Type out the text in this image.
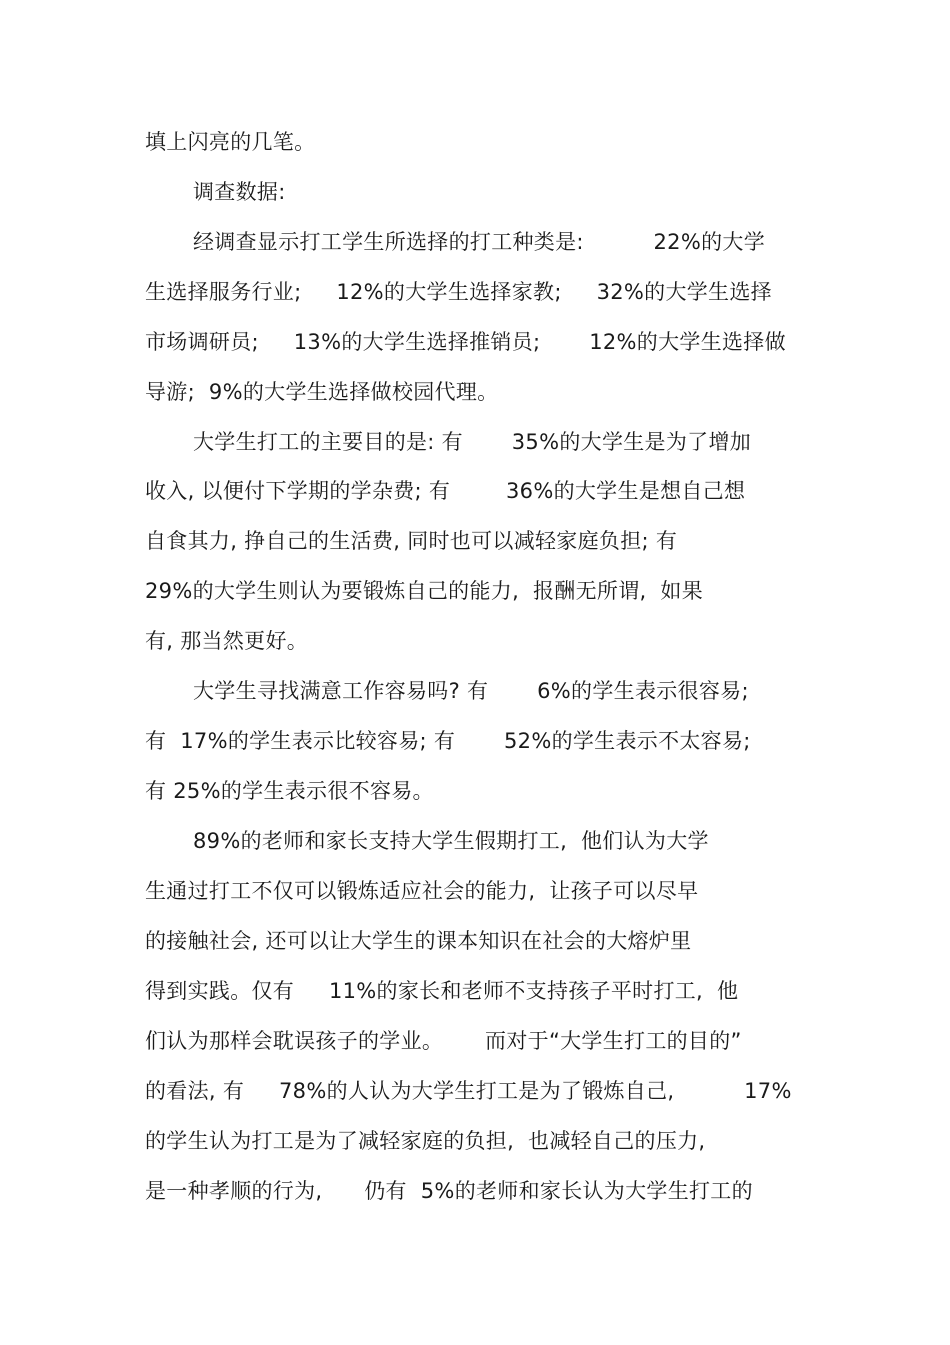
填上闪亮的几笔。
调查数据:
经调查显示打工学生所选择的打工种类是:          22%的大学
生选择服务行业;     12%的大学生选择家教;     32%的大学生选择
市场调研员;     13%的大学生选择推销员;       12%的大学生选择做
导游;  9%的大学生选择做校园代理。
大学生打工的主要目的是: 有       35%的大学生是为了增加
收入, 以便付下学期的学杂费; 有        36%的大学生是想自己想
自食其力, 挣自己的生活费, 同时也可以减轻家庭负担; 有
29%的大学生则认为要锻炼自己的能力,  报酬无所谓,  如果
有, 那当然更好。
大学生寻找满意工作容易吗? 有       6%的学生表示很容易;
有  17%的学生表示比较容易; 有       52%的学生表示不太容易;
有 25%的学生表示很不容易。
89%的老师和家长支持大学生假期打工,  他们认为大学
生通过打工不仅可以锻炼适应社会的能力,  让孩子可以尽早
的接触社会, 还可以让大学生的课本知识在社会的大熔炉里
得到实践。仅有     11%的家长和老师不支持孩子平时打工,  他
们认为那样会耽误孩子的学业。      而对于“大学生打工的目的”
的看法, 有     78%的人认为大学生打工是为了锻炼自己,          17%
的学生认为打工是为了减轻家庭的负担,  也减轻自己的压力,
是一种孝顺的行为,      仍有  5%的老师和家长认为大学生打工的
